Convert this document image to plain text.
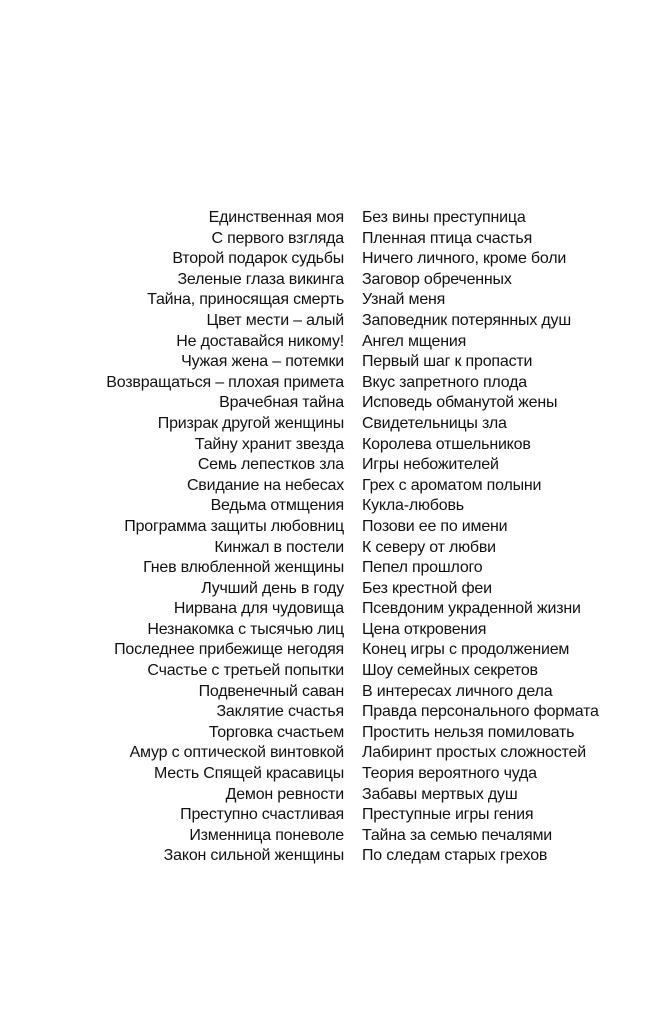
Единственная моя
С первого взгляда
Второй подарок судьбы
Зеленые глаза викинга
Тайна, приносящая смерть
Цвет мести – алый
Не доставайся никому!
Чужая жена – потемки
Возвращаться – плохая примета
Врачебная тайна
Призрак другой женщины
Тайну хранит звезда
Семь лепестков зла
Свидание на небесах
Ведьма отмщения
Программа защиты любовниц
Кинжал в постели
Гнев влюбленной женщины
Лучший день в году
Нирвана для чудовища
Незнакомка с тысячью лиц
Последнее прибежище негодяя
Счастье с третьей попытки
Подвенечный саван
Заклятие счастья
Торговка счастьем
Амур с оптической винтовкой
Месть Спящей красавицы
Демон ревности
Преступно счастливая
Изменница поневоле
Закон сильной женщины
Без вины преступница
Пленная птица счастья
Ничего личного, кроме боли
Заговор обреченных
Узнай меня
Заповедник потерянных душ
Ангел мщения
Первый шаг к пропасти
Вкус запретного плода
Исповедь обманутой жены
Свидетельницы зла
Королева отшельников
Игры небожителей
Грех с ароматом полыни
Кукла-любовь
Позови ее по имени
К северу от любви
Пепел прошлого
Без крестной феи
Псевдоним украденной жизни
Цена откровения
Конец игры с продолжением
Шоу семейных секретов
В интересах личного дела
Правда персонального формата
Простить нельзя помиловать
Лабиринт простых сложностей
Теория вероятного чуда
Забавы мертвых душ
Преступные игры гения
Тайна за семью печалями
По следам старых грехов
